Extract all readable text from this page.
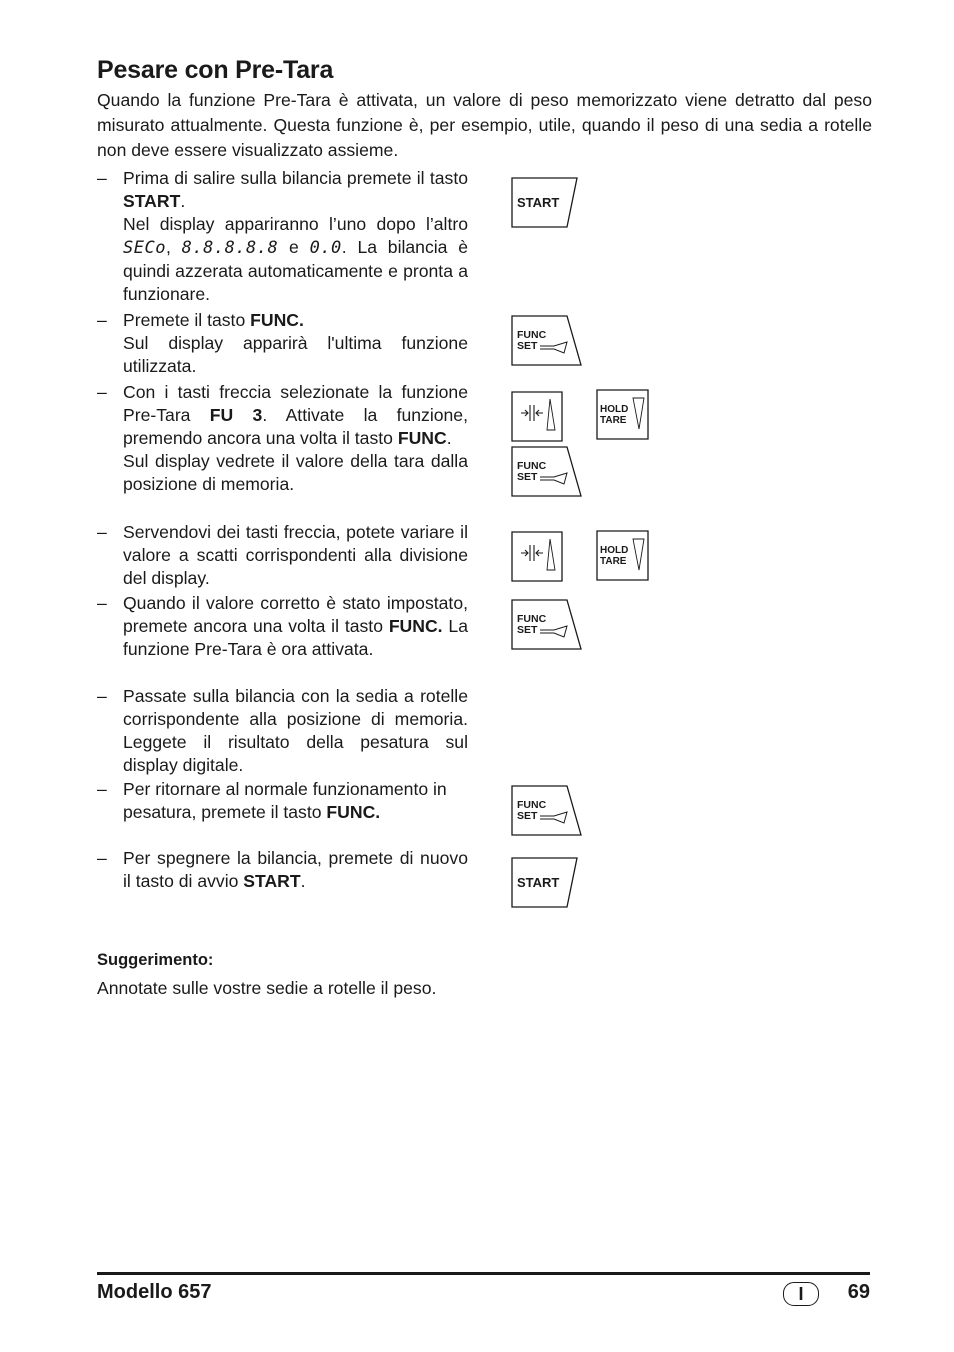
Pesare con Pre-Tara

Quando la funzione Pre-Tara è attivata, un valore di peso memorizzato viene detratto dal peso misurato attualmente. Questa funzione è, per esempio, utile, quando il peso di una sedia a rotelle non deve essere visualizzato assieme.

– Prima di salire sulla bilancia premete il tasto START.

Nel display appariranno l’uno dopo l’altro SECo, 8.8.8.8.8 e 0.0. La bilancia è quindi azzerata automaticamente e pronta a funzionare.

– Premete il tasto FUNC.

Sul display apparirà l'ultima funzione utilizzata.

– Con i tasti freccia selezionate la funzione Pre-Tara FU 3. Attivate la funzione, premendo ancora una volta il tasto FUNC.

Sul display vedrete il valore della tara dalla posizione di memoria.

– Servendovi dei tasti freccia, potete variare il valore a scatti corrispondenti alla divisione del display.

– Quando il valore corretto è stato impostato, premete ancora una volta il tasto FUNC. La funzione Pre-Tara è ora attivata.

– Passate sulla bilancia con la sedia a rotelle corrispondente alla posizione di memoria. Leggete il risultato della pesatura sul display digitale.

– Per ritornare al normale funzionamento in pesatura, premete il tasto FUNC.

– Per spegnere la bilancia, premete di nuovo il tasto di avvio START.

START
FUNC
SET
HOLD
TARE
FUNC
SET
HOLD
TARE
FUNC
SET
FUNC
SET
START

Suggerimento:

Annotate sulle vostre sedie a rotelle il peso.

Modello 657	I	69
